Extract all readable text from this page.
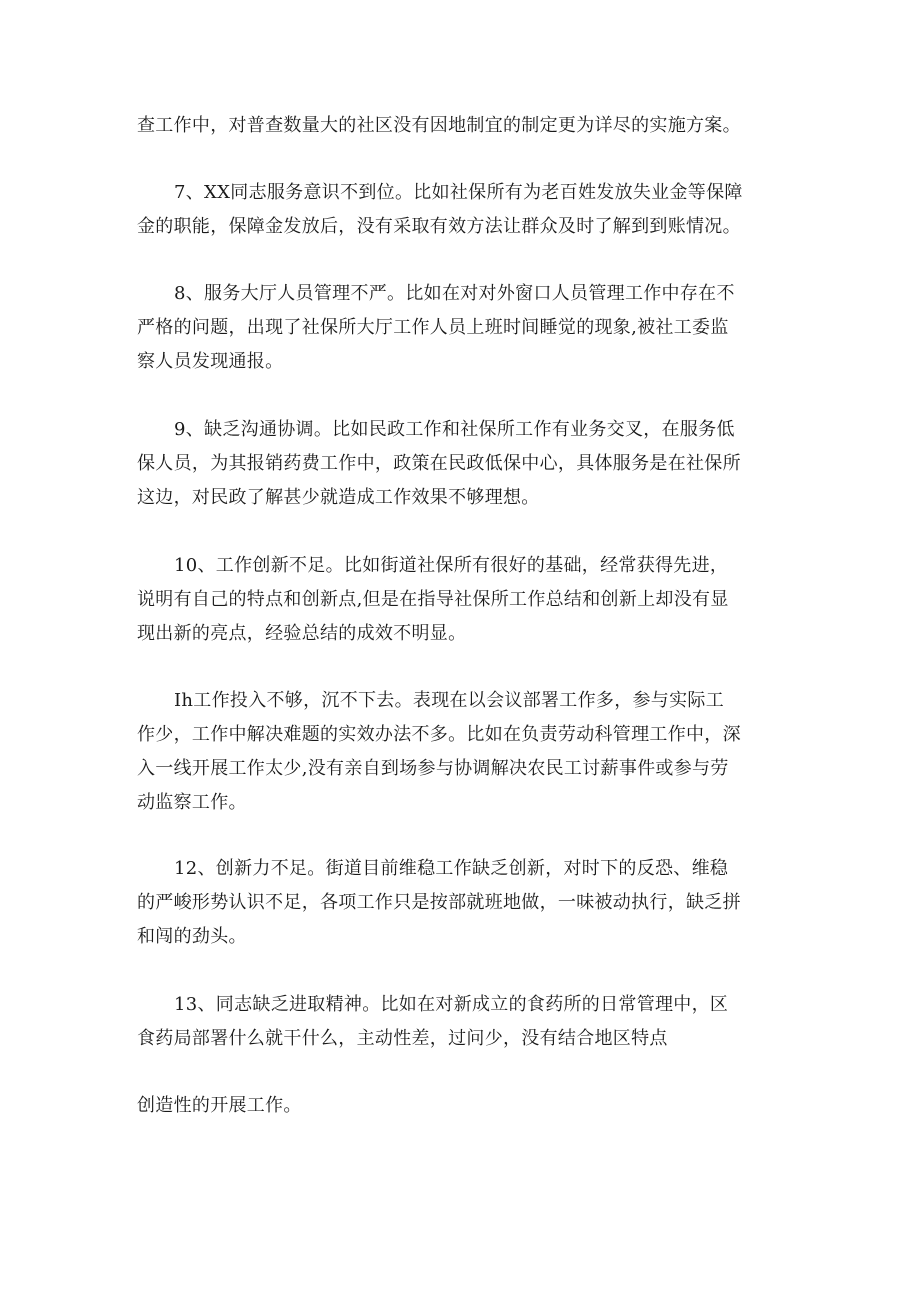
查工作中，对普查数量大的社区没有因地制宜的制定更为详尽的实施方案。
7、XX同志服务意识不到位。比如社保所有为老百姓发放失业金等保障
金的职能，保障金发放后，没有采取有效方法让群众及时了解到到账情况。
8、服务大厅人员管理不严。比如在对对外窗口人员管理工作中存在不
严格的问题，出现了社保所大厅工作人员上班时间睡觉的现象,被社工委监
察人员发现通报。
9、缺乏沟通协调。比如民政工作和社保所工作有业务交叉，在服务低
保人员，为其报销药费工作中，政策在民政低保中心，具体服务是在社保所
这边，对民政了解甚少就造成工作效果不够理想。
10、工作创新不足。比如街道社保所有很好的基础，经常获得先进，
说明有自己的特点和创新点,但是在指导社保所工作总结和创新上却没有显
现出新的亮点，经验总结的成效不明显。
Ih工作投入不够，沉不下去。表现在以会议部署工作多，参与实际工
作少，工作中解决难题的实效办法不多。比如在负责劳动科管理工作中，深
入一线开展工作太少,没有亲自到场参与协调解决农民工讨薪事件或参与劳
动监察工作。
12、创新力不足。街道目前维稳工作缺乏创新，对时下的反恐、维稳
的严峻形势认识不足，各项工作只是按部就班地做，一味被动执行，缺乏拼
和闯的劲头。
13、同志缺乏进取精神。比如在对新成立的食药所的日常管理中，区
食药局部署什么就干什么，主动性差，过问少，没有结合地区特点
创造性的开展工作。
